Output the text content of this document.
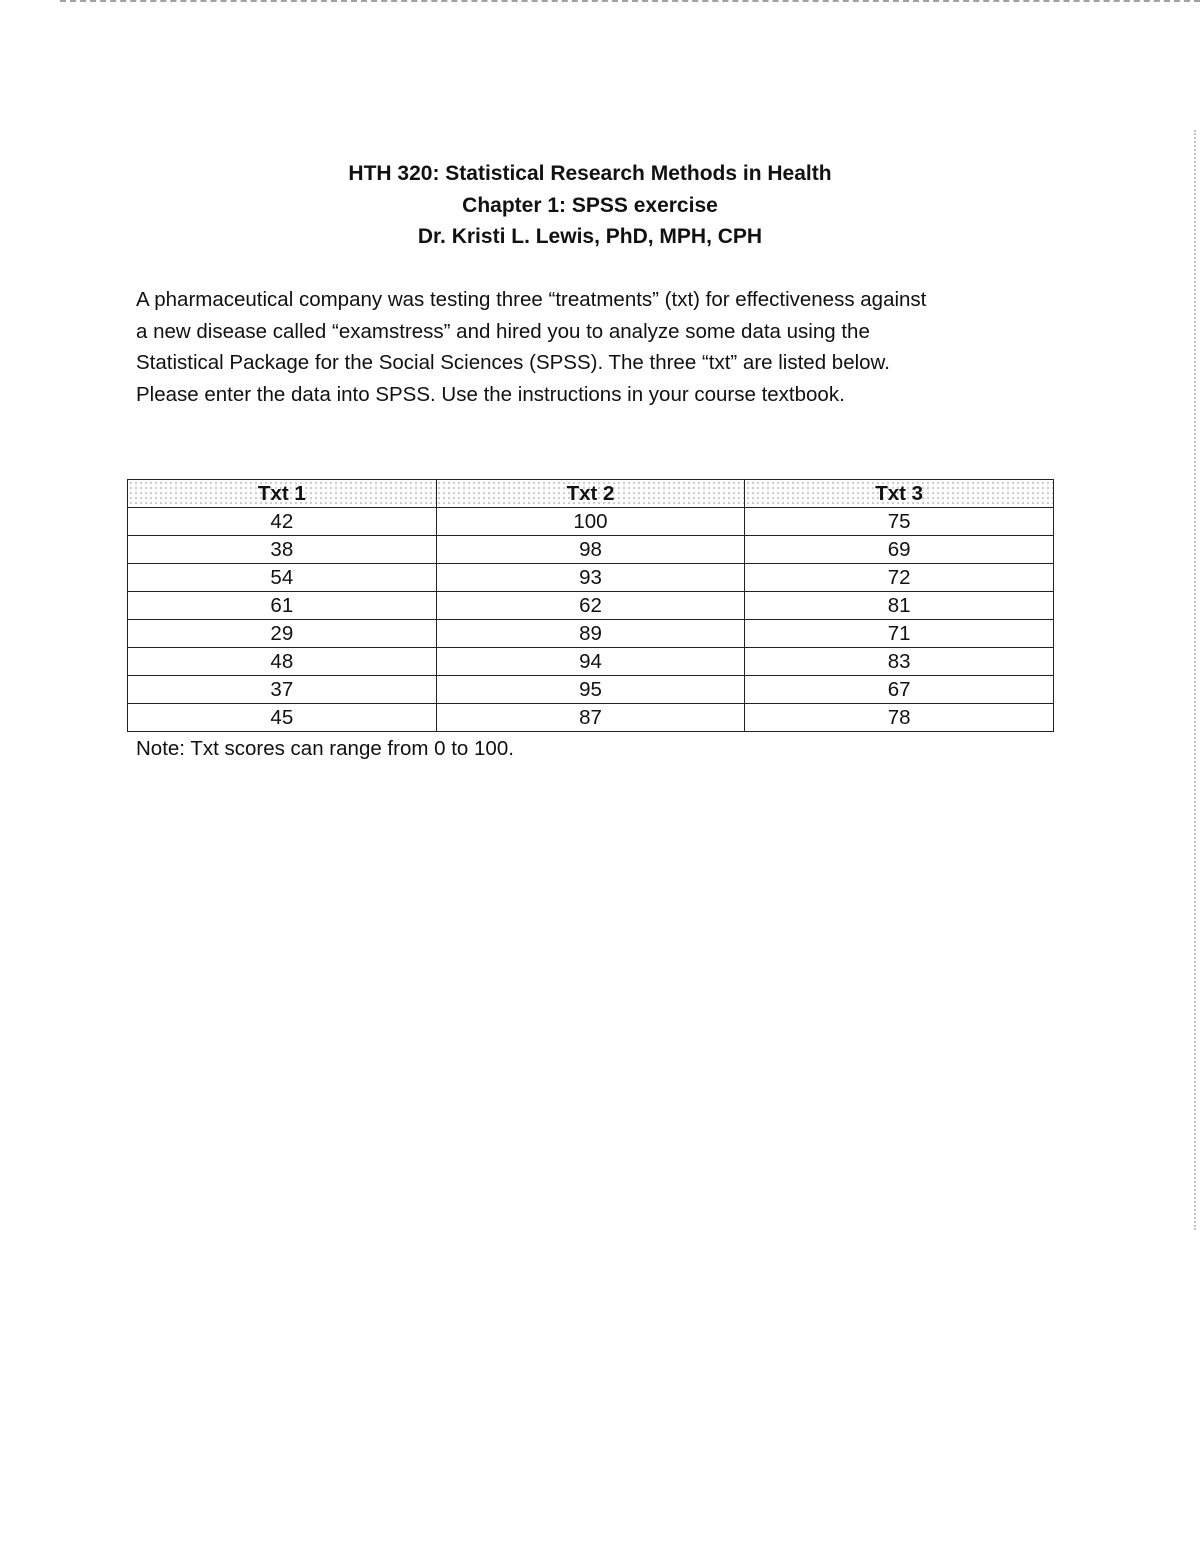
HTH 320: Statistical Research Methods in Health
Chapter 1: SPSS exercise
Dr. Kristi L. Lewis, PhD, MPH, CPH
A pharmaceutical company was testing three “treatments” (txt) for effectiveness against
a new disease called “examstress” and hired you to analyze some data using the
Statistical Package for the Social Sciences (SPSS). The three “txt” are listed below.
Please enter the data into SPSS. Use the instructions in your course textbook.
Txt 1	Txt 2	Txt 3
42	100	75
38	98	69
54	93	72
61	62	81
29	89	71
48	94	83
37	95	67
45	87	78
Note: Txt scores can range from 0 to 100.
